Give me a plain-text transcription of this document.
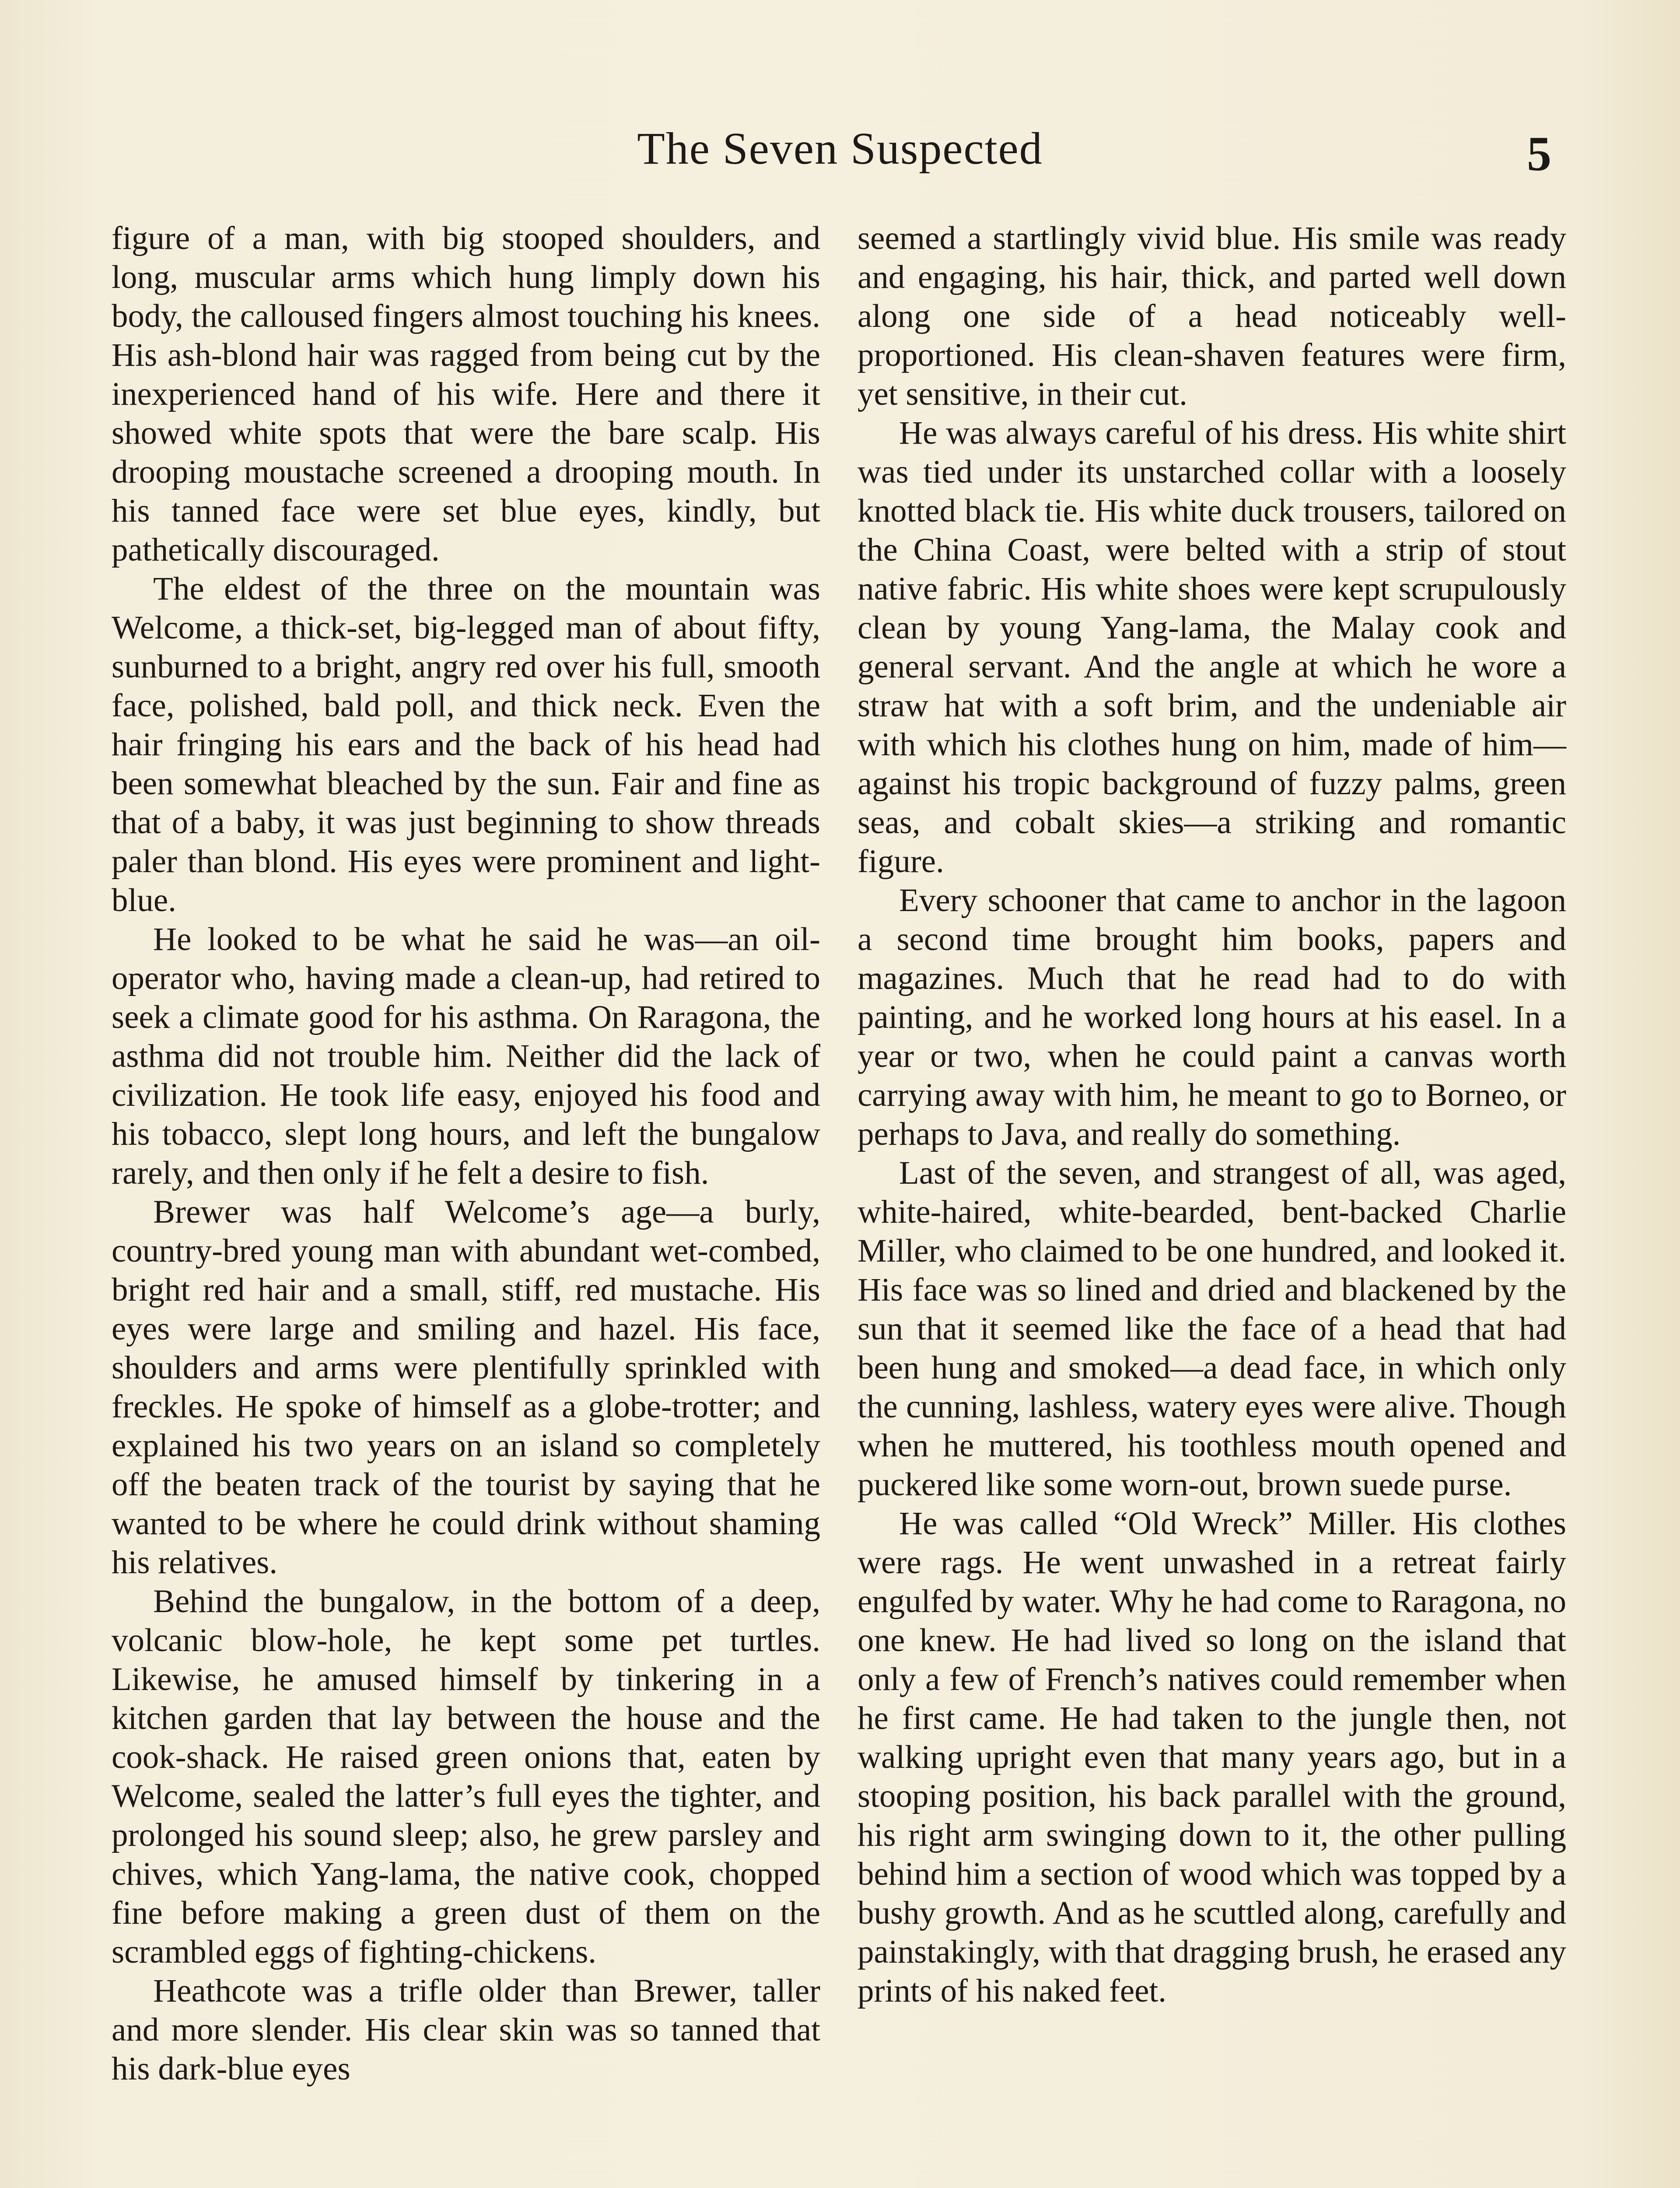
The Seven Suspected	5

figure of a man, with big stooped shoulders, and long, muscular arms which hung limply down his body, the calloused fingers almost touching his knees. His ash-blond hair was ragged from being cut by the inexperienced hand of his wife. Here and there it showed white spots that were the bare scalp. His drooping moustache screened a drooping mouth. In his tanned face were set blue eyes, kindly, but pathetically discouraged.

The eldest of the three on the mountain was Welcome, a thick-set, big-legged man of about fifty, sunburned to a bright, angry red over his full, smooth face, polished, bald poll, and thick neck. Even the hair fringing his ears and the back of his head had been somewhat bleached by the sun. Fair and fine as that of a baby, it was just beginning to show threads paler than blond. His eyes were prominent and light-blue.

He looked to be what he said he was—an oil-operator who, having made a clean-up, had retired to seek a climate good for his asthma. On Raragona, the asthma did not trouble him. Neither did the lack of civilization. He took life easy, enjoyed his food and his tobacco, slept long hours, and left the bungalow rarely, and then only if he felt a desire to fish.

Brewer was half Welcome’s age—a burly, country-bred young man with abundant wet-combed, bright red hair and a small, stiff, red mustache. His eyes were large and smiling and hazel. His face, shoulders and arms were plentifully sprinkled with freckles. He spoke of himself as a globe-trotter; and explained his two years on an island so completely off the beaten track of the tourist by saying that he wanted to be where he could drink without shaming his relatives.

Behind the bungalow, in the bottom of a deep, volcanic blow-hole, he kept some pet turtles. Likewise, he amused himself by tinkering in a kitchen garden that lay between the house and the cook-shack. He raised green onions that, eaten by Welcome, sealed the latter’s full eyes the tighter, and prolonged his sound sleep; also, he grew parsley and chives, which Yang-lama, the native cook, chopped fine before making a green dust of them on the scrambled eggs of fighting-chickens.

Heathcote was a trifle older than Brewer, taller and more slender. His clear skin was so tanned that his dark-blue eyes

seemed a startlingly vivid blue. His smile was ready and engaging, his hair, thick, and parted well down along one side of a head noticeably well-proportioned. His clean-shaven features were firm, yet sensitive, in their cut.

He was always careful of his dress. His white shirt was tied under its unstarched collar with a loosely knotted black tie. His white duck trousers, tailored on the China Coast, were belted with a strip of stout native fabric. His white shoes were kept scrupulously clean by young Yang-lama, the Malay cook and general servant. And the angle at which he wore a straw hat with a soft brim, and the undeniable air with which his clothes hung on him, made of him—against his tropic background of fuzzy palms, green seas, and cobalt skies—a striking and romantic figure.

Every schooner that came to anchor in the lagoon a second time brought him books, papers and magazines. Much that he read had to do with painting, and he worked long hours at his easel. In a year or two, when he could paint a canvas worth carrying away with him, he meant to go to Borneo, or perhaps to Java, and really do something.

Last of the seven, and strangest of all, was aged, white-haired, white-bearded, bent-backed Charlie Miller, who claimed to be one hundred, and looked it. His face was so lined and dried and blackened by the sun that it seemed like the face of a head that had been hung and smoked—a dead face, in which only the cunning, lashless, watery eyes were alive. Though when he muttered, his toothless mouth opened and puckered like some worn-out, brown suede purse.

He was called “Old Wreck” Miller. His clothes were rags. He went unwashed in a retreat fairly engulfed by water. Why he had come to Raragona, no one knew. He had lived so long on the island that only a few of French’s natives could remember when he first came. He had taken to the jungle then, not walking upright even that many years ago, but in a stooping position, his back parallel with the ground, his right arm swinging down to it, the other pulling behind him a section of wood which was topped by a bushy growth. And as he scuttled along, carefully and painstakingly, with that dragging brush, he erased any prints of his naked feet.
